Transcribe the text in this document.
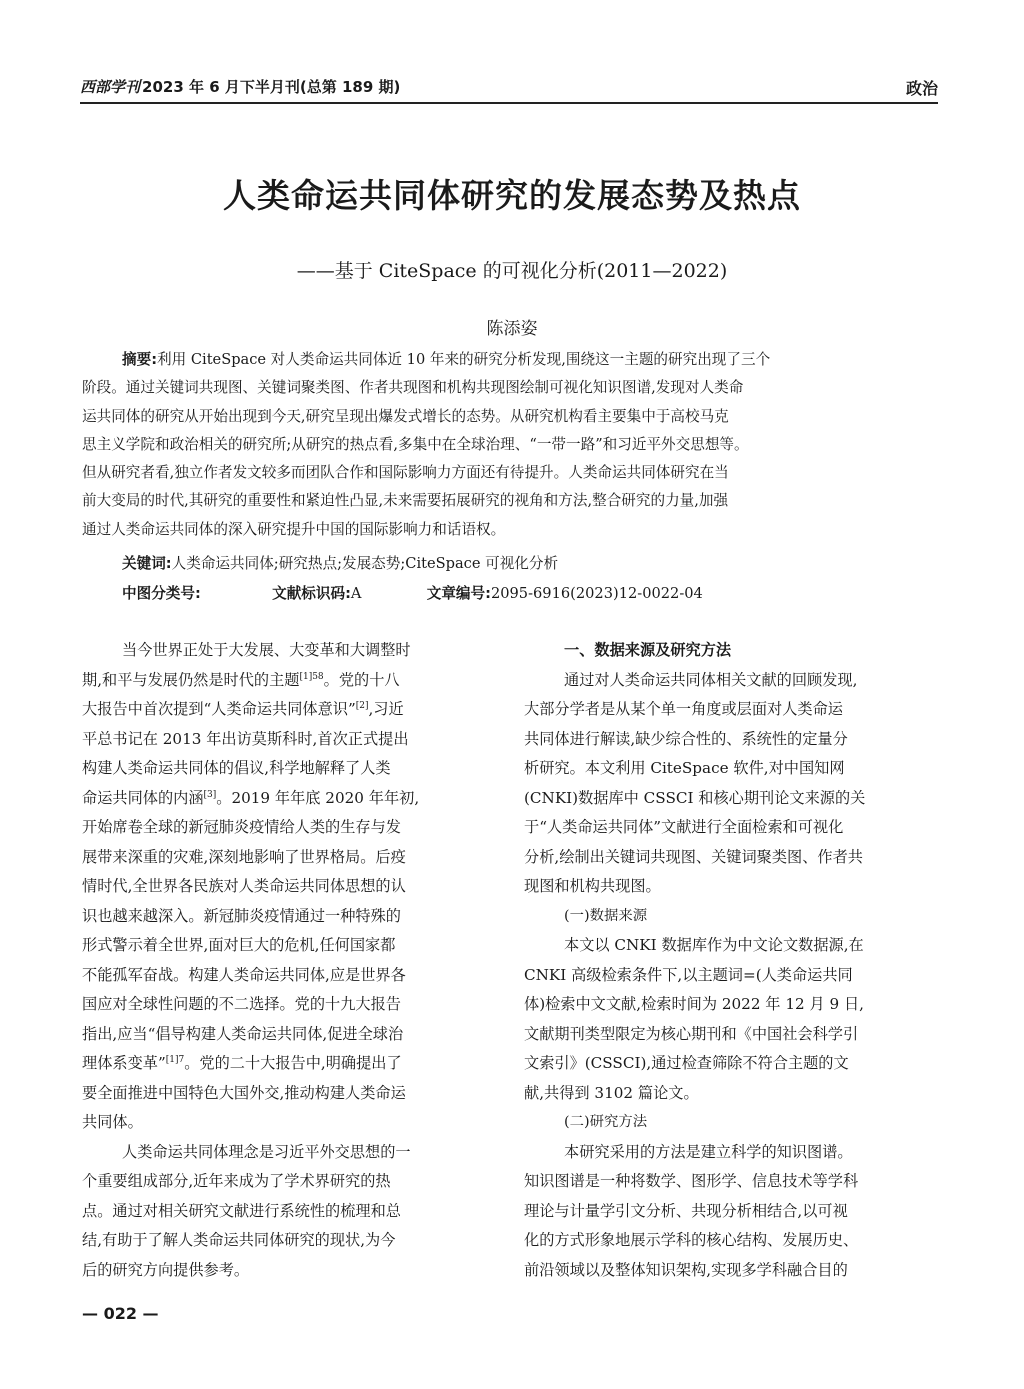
西部学刊 2023 年 6 月下半月刊(总第 189 期)	政治
人类命运共同体研究的发展态势及热点
——基于 CiteSpace 的可视化分析(2011—2022)
陈添姿
摘要:利用 CiteSpace 对人类命运共同体近 10 年来的研究分析发现,围绕这一主题的研究出现了三个
阶段。通过关键词共现图、关键词聚类图、作者共现图和机构共现图绘制可视化知识图谱,发现对人类命
运共同体的研究从开始出现到今天,研究呈现出爆发式增长的态势。从研究机构看主要集中于高校马克
思主义学院和政治相关的研究所;从研究的热点看,多集中在全球治理、“一带一路”和习近平外交思想等。
但从研究者看,独立作者发文较多而团队合作和国际影响力方面还有待提升。人类命运共同体研究在当
前大变局的时代,其研究的重要性和紧迫性凸显,未来需要拓展研究的视角和方法,整合研究的力量,加强
通过人类命运共同体的深入研究提升中国的国际影响力和话语权。
关键词:人类命运共同体;研究热点;发展态势;CiteSpace 可视化分析
中图分类号:	文献标识码:A	文章编号:2095-6916(2023)12-0022-04
当今世界正处于大发展、大变革和大调整时
期,和平与发展仍然是时代的主题$^{[1]58}$。党的十八
大报告中首次提到“人类命运共同体意识”[2],习近
平总书记在 2013 年出访莫斯科时,首次正式提出
构建人类命运共同体的倡议,科学地解释了人类
命运共同体的内涵[3]。2019 年年底 2020 年年初,
开始席卷全球的新冠肺炎疫情给人类的生存与发
展带来深重的灾难,深刻地影响了世界格局。后疫
情时代,全世界各民族对人类命运共同体思想的认
识也越来越深入。新冠肺炎疫情通过一种特殊的
形式警示着全世界,面对巨大的危机,任何国家都
不能孤军奋战。构建人类命运共同体,应是世界各
国应对全球性问题的不二选择。党的十九大报告
指出,应当“倡导构建人类命运共同体,促进全球治
理体系变革”$^{[1]7}$。党的二十大报告中,明确提出了
要全面推进中国特色大国外交,推动构建人类命运
共同体。
人类命运共同体理念是习近平外交思想的一
个重要组成部分,近年来成为了学术界研究的热
点。通过对相关研究文献进行系统性的梳理和总
结,有助于了解人类命运共同体研究的现状,为今
后的研究方向提供参考。
一、数据来源及研究方法
通过对人类命运共同体相关文献的回顾发现,
大部分学者是从某个单一角度或层面对人类命运
共同体进行解读,缺少综合性的、系统性的定量分
析研究。本文利用 CiteSpace 软件,对中国知网
(CNKI)数据库中 CSSCI 和核心期刊论文来源的关
于“人类命运共同体”文献进行全面检索和可视化
分析,绘制出关键词共现图、关键词聚类图、作者共
现图和机构共现图。
(一)数据来源
本文以 CNKI 数据库作为中文论文数据源,在
CNKI 高级检索条件下,以主题词=(人类命运共同
体)检索中文文献,检索时间为 2022 年 12 月 9 日,
文献期刊类型限定为核心期刊和《中国社会科学引
文索引》(CSSCI),通过检查筛除不符合主题的文
献,共得到 3102 篇论文。
(二)研究方法
本研究采用的方法是建立科学的知识图谱。
知识图谱是一种将数学、图形学、信息技术等学科
理论与计量学引文分析、共现分析相结合,以可视
化的方式形象地展示学科的核心结构、发展历史、
前沿领域以及整体知识架构,实现多学科融合目的
— 022 —
